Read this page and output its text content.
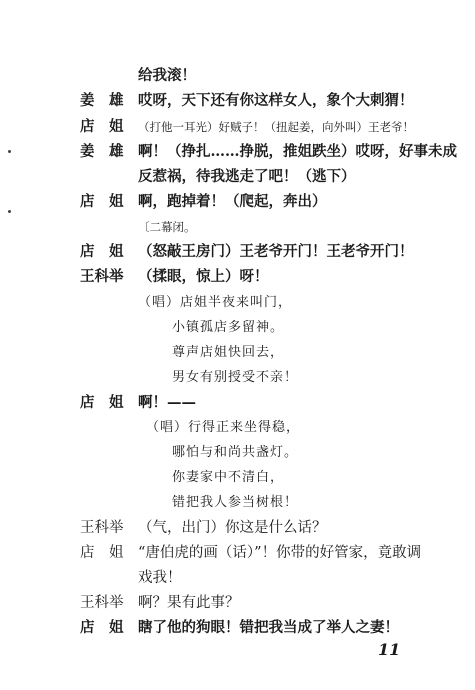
给我滚！
姜　雄	哎呀，天下还有你这样女人，象个大刺猬！
店　姐	（打他一耳光）好贼子！（扭起姜，向外叫）王老爷！
姜　雄	啊！（挣扎……挣脱，推姐跌坐）哎呀，好事未成
反惹祸，待我逃走了吧！（逃下）
店　姐	啊，跑掉着！（爬起，奔出）
〔二幕闭。
店　姐	（怒敲王房门）王老爷开门！王老爷开门！
王科举	（揉眼，惊上）呀！
（唱）店姐半夜来叫门，
小镇孤店多留神。
尊声店姐快回去，
男女有别授受不亲！
店　姐	啊！——
（唱）行得正来坐得稳，
哪怕与和尚共盏灯。
你妻家中不清白，
错把我人参当树根！
王科举	（气，出门）你这是什么话？
店　姐	“唐伯虎的画（话）”！你带的好管家，竟敢调
戏我！
王科举	啊？果有此事？
店　姐	瞎了他的狗眼！错把我当成了举人之妻！
11
